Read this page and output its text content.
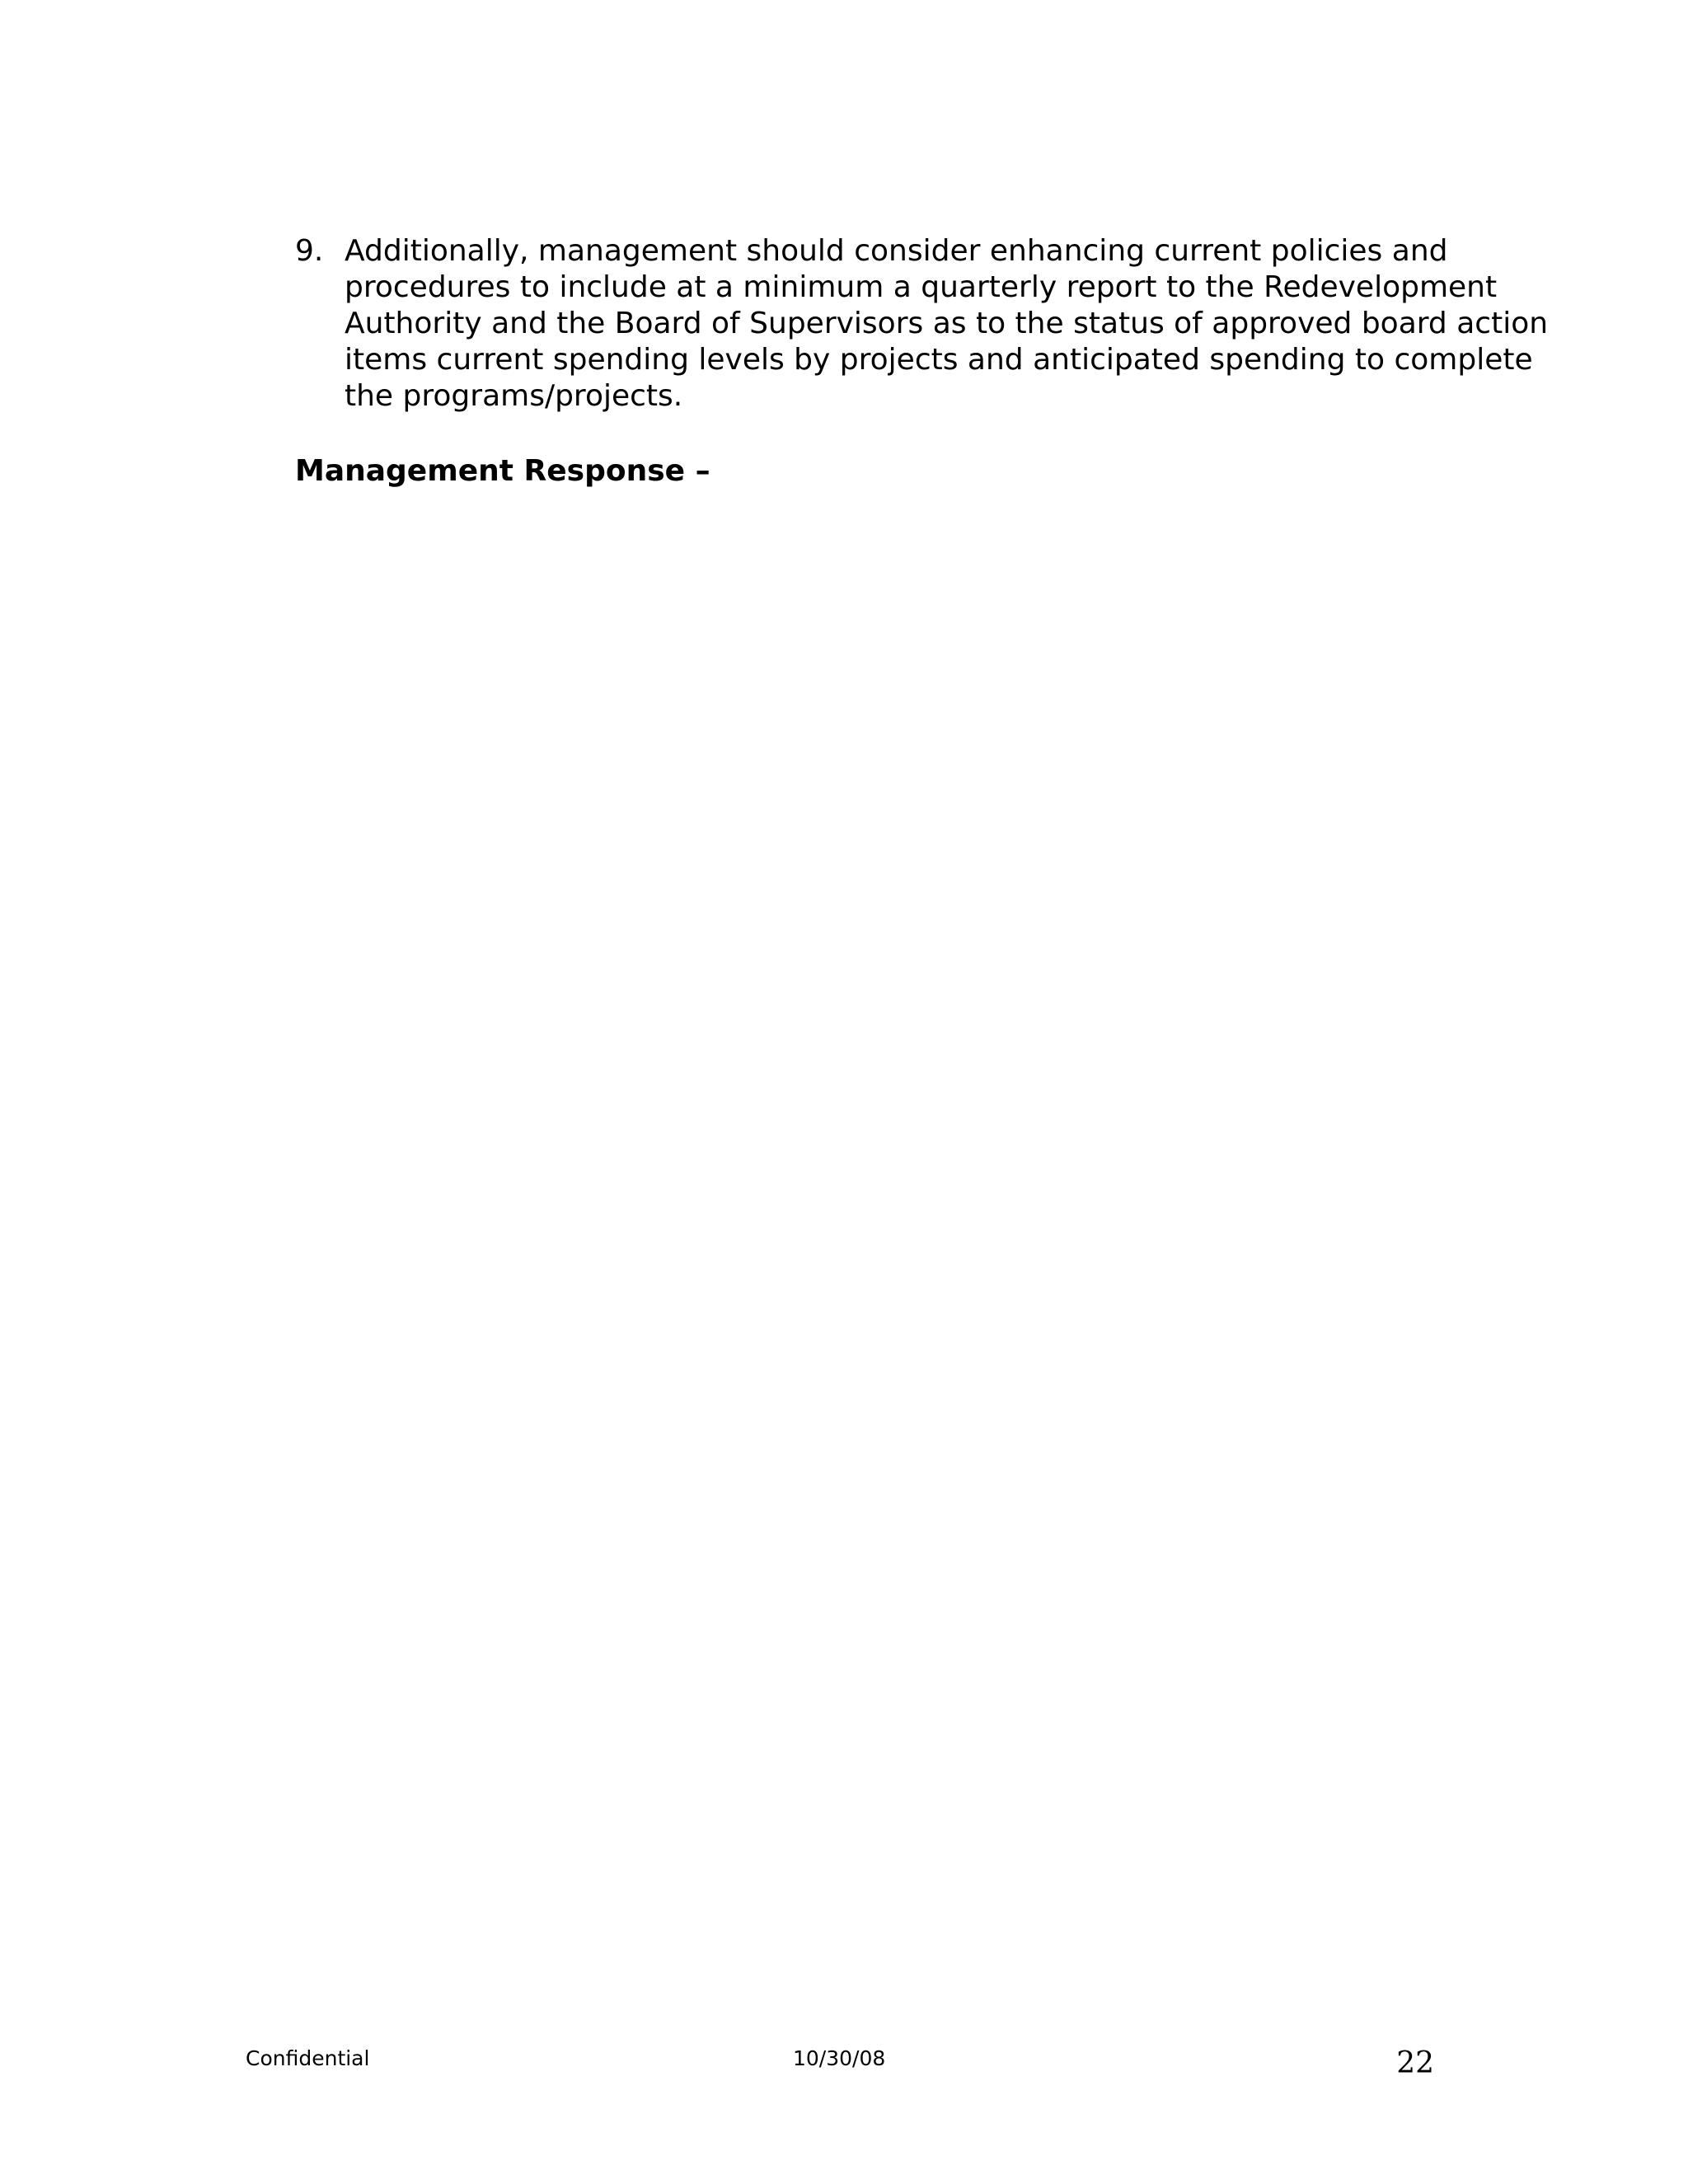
9. Additionally, management should consider enhancing current policies and
procedures to include at a minimum a quarterly report to the Redevelopment
Authority and the Board of Supervisors as to the status of approved board action
items current spending levels by projects and anticipated spending to complete
the programs/projects.
Management Response –
Confidential	10/30/08	22
